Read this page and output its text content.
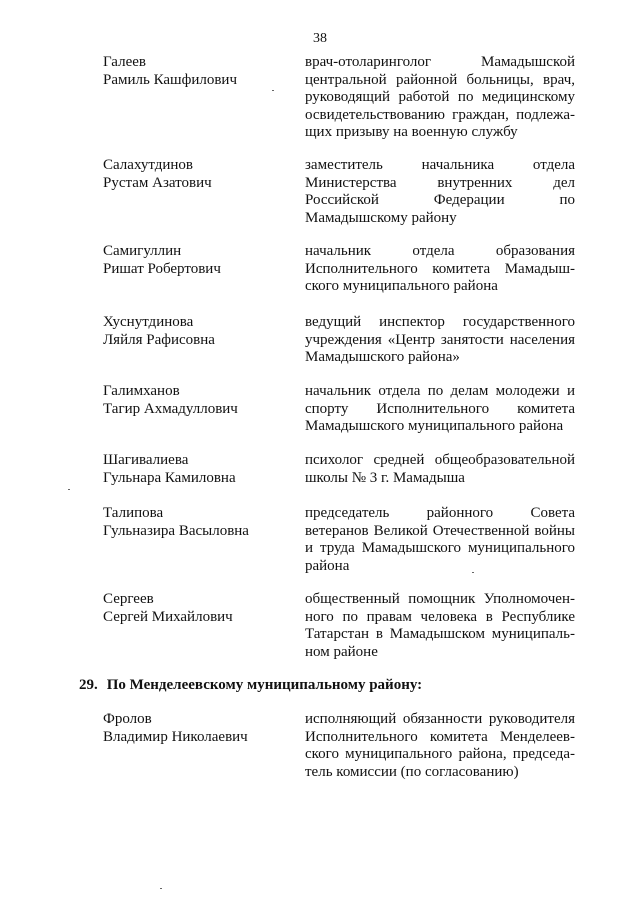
38
Галеев
Рамиль Кашфилович
врач-отоларинголог Мамадышской
центральной районной больницы, врач,
руководящий работой по медицинскому
освидетельствованию граждан, подлежа-
щих призыву на военную службу
Салахутдинов
Рустам Азатович
заместитель начальника отдела
Министерства внутренних дел
Российской Федерации по
Мамадышскому району
Самигуллин
Ришат Робертович
начальник отдела образования
Исполнительного комитета Мамадыш-
ского муниципального района
Хуснутдинова
Ляйля Рафисовна
ведущий инспектор государственного
учреждения «Центр занятости населения
Мамадышского района»
Галимханов
Тагир Ахмадуллович
начальник отдела по делам молодежи и
спорту Исполнительного комитета
Мамадышского муниципального района
Шагивалиева
Гульнара Камиловна
психолог средней общеобразовательной
школы № 3 г. Мамадыша
Талипова
Гульназира Васыловна
председатель районного Совета
ветеранов Великой Отечественной войны
и труда Мамадышского муниципального
района
Сергеев
Сергей Михайлович
общественный помощник Уполномочен-
ного по правам человека в Республике
Татарстан в Мамадышском муниципаль-
ном районе
29. По Менделеевскому муниципальному району:
Фролов
Владимир Николаевич
исполняющий обязанности руководителя
Исполнительного комитета Менделеев-
ского муниципального района, председа-
тель комиссии (по согласованию)
